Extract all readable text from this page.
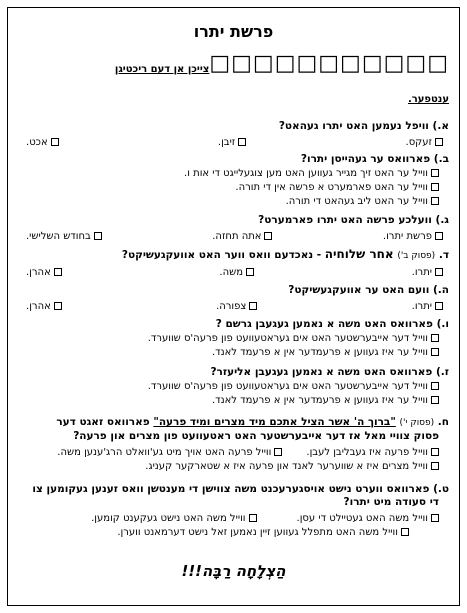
פרשת יתרו
□□□□□□□□□□□צייכן אן דעם ריכטיגן
ענטפער.
א.) וויפל נעמען האט יתרו געהאט?
זעקס.
זיבן.
אכט.
ב.) פארוואס ער געהייסן יתרו?
ווייל ער האט זיך מגייר געווען האט מען צוגעלייגט די אות ו.
ווייל ער האט פארמערט א פרשה אין די תורה.
ווייל ער האט ליב געהאט די תורה.
ג.) וועלכע פרשה האט יתרו פארמערט?
פרשת יתרו.
אתה תחזה.
בחודש השלישי.
ד. (פסוק ב') אחר שלוחיה - נאכדעם וואס ווער האט אוועקגעשיקט?
יתרו.
משה.
אהרן.
ה.) וועם האט ער אוועקגעשיקט?
יתרו.
צפורה.
אהרן.
ו.) פארוואס האט משה א נאמען געגעבן גרשם ?
ווייל דער אייבערשטער האט אים געראטעוועט פון פרעה'ס שווערד.
ווייל ער איז געווען א פרעמדער אין א פרעמד לאנד.
ז.) פארוואס האט משה א נאמען געגעבן אליעזר?
ווייל דער אייבערשטער האט אים געראטעוועט פון פרעה'ס שווערד.
ווייל ער איז געווען א פרעמדער אין א פרעמד לאנד.
ח. (פסוק י') "ברוך ה' אשר הציל אתכם מיד מצרים ומיד פרעה" פארוואס זאגט דער
פסוק צוויי מאל אז דער אייבערשטער האט ראטעוועט פון מצרים און פרעה?
ווייל פרעה איז געבליבן לעבן.
ווייל פרעה האט אויך מיט גע'וואלט הרג'ענען משה.
ווייל מצרים איז א שווערער לאנד און פרעה איז א שטארקער קעניג.
ט.) פארוואס ווערט נישט אויסגערעכנט משה צווישן די מענטשן וואס זענען געקומען צו
די סעודה מיט יתרו?
ווייל משה האט געטיילט די עסן.
ווייל משה האט נישט געקענט קומען.
ווייל משה האט מתפלל געווען זיין נאמען זאל נישט דערמאנט ווערן.
הַצְלָחָה רַבָּה!!!
